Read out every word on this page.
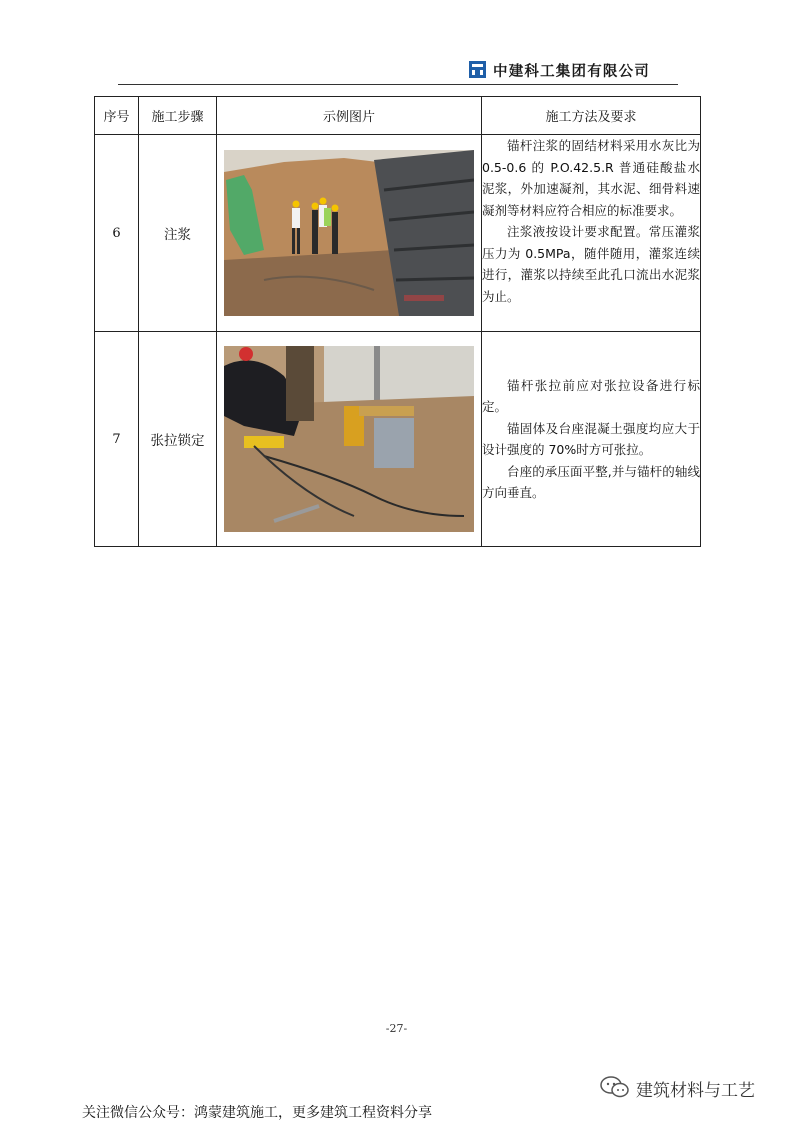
中建科工集团有限公司
序号	施工步骤	示例图片	施工方法及要求
6	注浆		锚杆注浆的固结材料采用水灰比为 0.5-0.6 的 P.O.42.5.R 普通硅酸盐水泥浆，外加速凝剂，其水泥、细骨料速凝剂等材料应符合相应的标准要求。

注浆液按设计要求配置。常压灌浆压力为 0.5MPa，随伴随用，灌浆连续进行，灌浆以持续至此孔口流出水泥浆为止。

7	张拉锁定		锚杆张拉前应对张拉设备进行标定。

锚固体及台座混凝土强度均应大于设计强度的 70%时方可张拉。

台座的承压面平整,并与锚杆的轴线方向垂直。

-27-
建筑材料与工艺
关注微信公众号：鸿蒙建筑施工，更多建筑工程资料分享
